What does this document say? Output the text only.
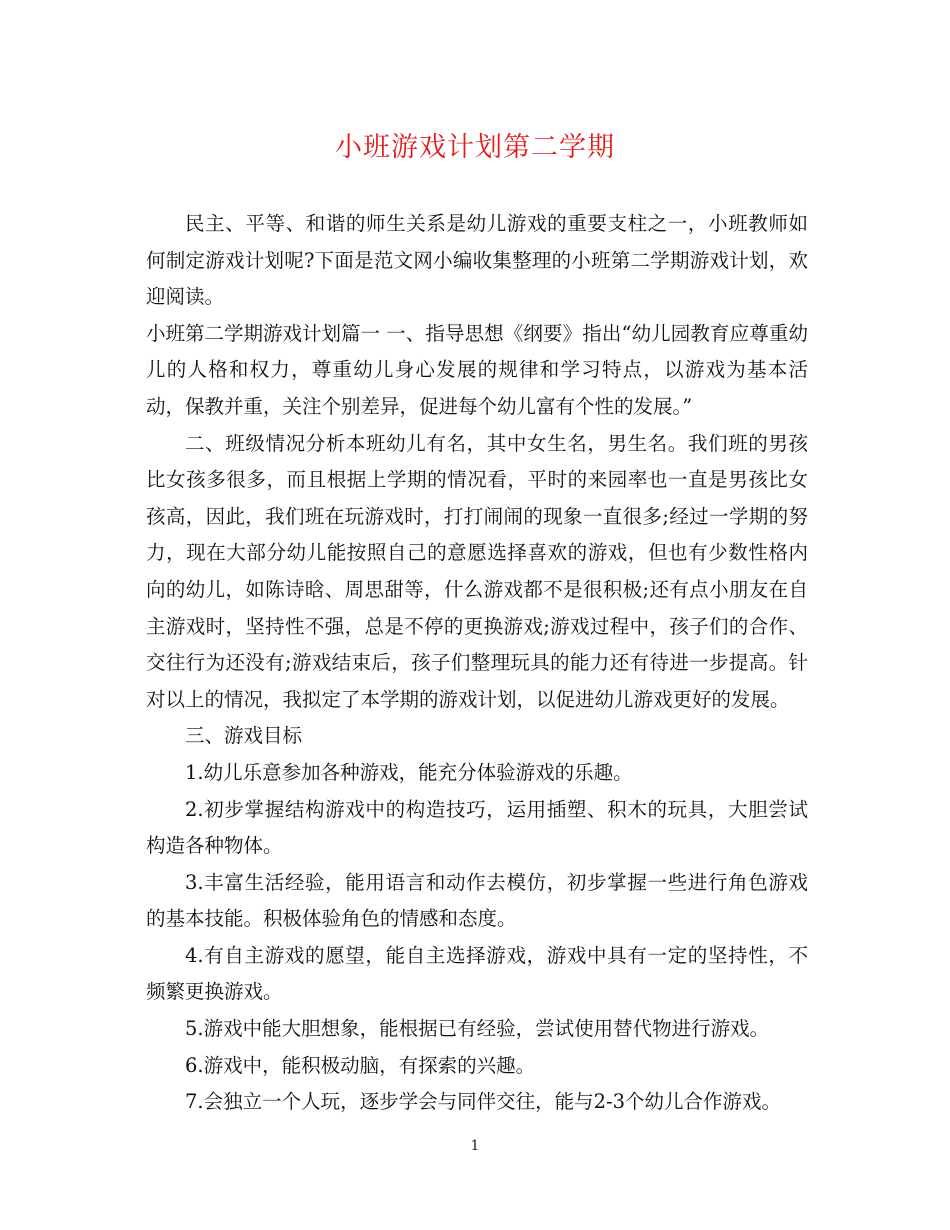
小班游戏计划第二学期

民主、平等、和谐的师生关系是幼儿游戏的重要支柱之一，小班教师如何制定游戏计划呢?下面是范文网小编收集整理的小班第二学期游戏计划，欢迎阅读。

小班第二学期游戏计划篇一 一、指导思想《纲要》指出“幼儿园教育应尊重幼儿的人格和权力，尊重幼儿身心发展的规律和学习特点，以游戏为基本活动，保教并重，关注个别差异，促进每个幼儿富有个性的发展。”

二、班级情况分析本班幼儿有名，其中女生名，男生名。我们班的男孩比女孩多很多，而且根据上学期的情况看，平时的来园率也一直是男孩比女孩高，因此，我们班在玩游戏时，打打闹闹的现象一直很多;经过一学期的努力，现在大部分幼儿能按照自己的意愿选择喜欢的游戏，但也有少数性格内向的幼儿，如陈诗晗、周思甜等，什么游戏都不是很积极;还有点小朋友在自主游戏时，坚持性不强，总是不停的更换游戏;游戏过程中，孩子们的合作、交往行为还没有;游戏结束后，孩子们整理玩具的能力还有待进一步提高。针对以上的情况，我拟定了本学期的游戏计划，以促进幼儿游戏更好的发展。

三、游戏目标

1.幼儿乐意参加各种游戏，能充分体验游戏的乐趣。

2.初步掌握结构游戏中的构造技巧，运用插塑、积木的玩具，大胆尝试构造各种物体。

3.丰富生活经验，能用语言和动作去模仿，初步掌握一些进行角色游戏的基本技能。积极体验角色的情感和态度。

4.有自主游戏的愿望，能自主选择游戏，游戏中具有一定的坚持性，不频繁更换游戏。

5.游戏中能大胆想象，能根据已有经验，尝试使用替代物进行游戏。

6.游戏中，能积极动脑，有探索的兴趣。

7.会独立一个人玩，逐步学会与同伴交往，能与2-3个幼儿合作游戏。

1
